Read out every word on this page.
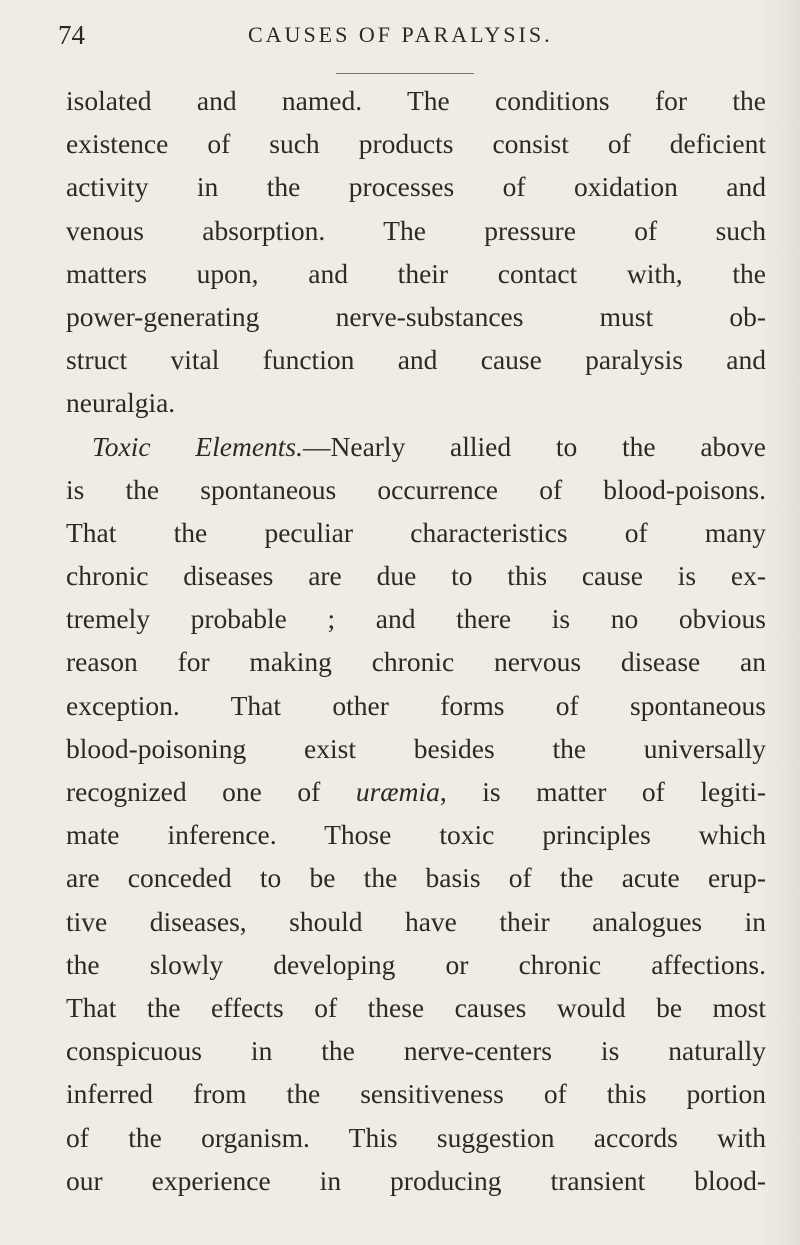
74	CAUSES OF PARALYSIS.
isolated and named. The conditions for the
existence of such products consist of deficient
activity in the processes of oxidation and
venous absorption. The pressure of such
matters upon, and their contact with, the
power-generating nerve-substances must ob-
struct vital function and cause paralysis and
neuralgia.
Toxic Elements.—Nearly allied to the above
is the spontaneous occurrence of blood-poisons.
That the peculiar characteristics of many
chronic diseases are due to this cause is ex-
tremely probable ; and there is no obvious
reason for making chronic nervous disease an
exception. That other forms of spontaneous
blood-poisoning exist besides the universally
recognized one of uræmia, is matter of legiti-
mate inference. Those toxic principles which
are conceded to be the basis of the acute erup-
tive diseases, should have their analogues in
the slowly developing or chronic affections.
That the effects of these causes would be most
conspicuous in the nerve-centers is naturally
inferred from the sensitiveness of this portion
of the organism. This suggestion accords with
our experience in producing transient blood-
